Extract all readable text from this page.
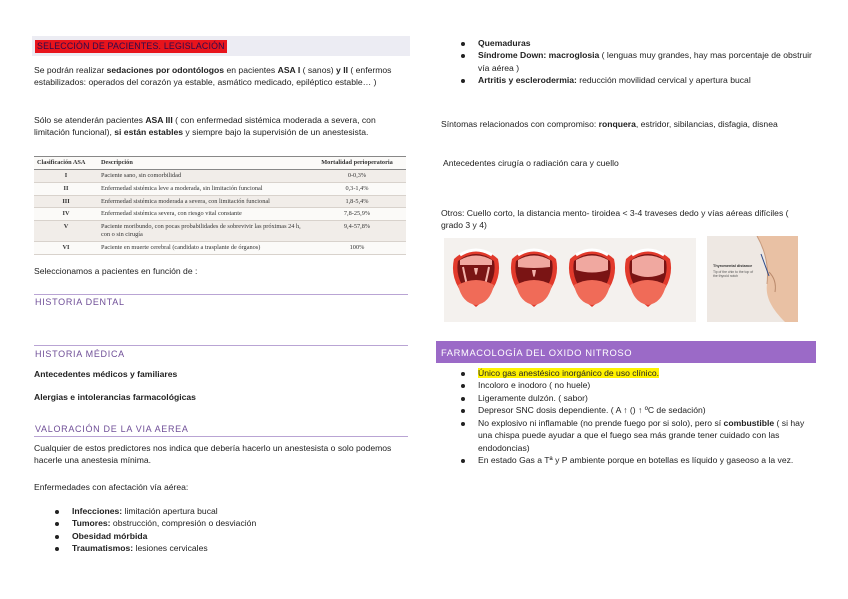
SELECCIÓN DE PACIENTES. LEGISLACIÓN

Se podrán realizar sedaciones por odontólogos en pacientes ASA I ( sanos) y II ( enfermos estabilizados: operados del corazón ya estable, asmático medicado, epiléptico estable… )

Sólo se atenderán pacientes ASA III ( con enfermedad sistémica moderada a severa, con limitación funcional), si están estables y siempre bajo la supervisión de un anestesista.

Clasificación ASA	Descripción	Mortalidad perioperatoria
I	Paciente sano, sin comorbilidad	0-0,3%
II	Enfermedad sistémica leve a moderada, sin limitación funcional	0,3-1,4%
III	Enfermedad sistémica moderada a severa, con limitación funcional	1,8-5,4%
IV	Enfermedad sistémica severa, con riesgo vital constante	7,8-25,9%
V	Paciente moribundo, con pocas probabilidades de sobrevivir las próximas 24 h, con o sin cirugía	9,4-57,8%
VI	Paciente en muerte cerebral (candidato a trasplante de órganos)	100%

Seleccionamos a pacientes en función de :

HISTORIA DENTAL
HISTORIA MÉDICA

Antecedentes médicos y familiares

Alergias e intolerancias farmacológicas

VALORACIÓN DE LA VIA AEREA

Cualquier de estos predictores nos indica que debería hacerlo un anestesista o solo podemos hacerle una anestesia mínima.

Enfermedades con afectación vía aérea:

Infecciones: limitación apertura bucal
Tumores: obstrucción, compresión o desviación
Obesidad mórbida
Traumatismos: lesiones cervicales
Quemaduras
Síndrome Down: macroglosia ( lenguas muy grandes, hay mas porcentaje de obstruir vía aérea )
Artritis y esclerodermia: reducción movilidad cervical y apertura bucal

Síntomas relacionados con compromiso: ronquera, estridor, sibilancias, disfagia, disnea

Antecedentes cirugía o radiación cara y cuello

Otros: Cuello corto, la distancia mento- tiroidea < 3-4 traveses dedo y vías aéreas difíciles ( grado 3 y 4)

Thyromental distance
Tip of the chin to the top of the thyroid notch
FARMACOLOGÍA DEL OXIDO NITROSO
Único gas anestésico inorgánico de uso clínico.
Incoloro e inodoro ( no huele)
Ligeramente dulzón. ( sabor)
Depresor SNC dosis dependiente. ( A ↑ () ↑ ºC de sedación)
No explosivo ni inflamable (no prende fuego por si solo), pero sí combustible ( si hay una chispa puede ayudar a que el fuego sea más grande tener cuidado con las endodoncias)
En estado Gas a Tª y P ambiente porque en botellas es líquido y gaseoso a la vez.
